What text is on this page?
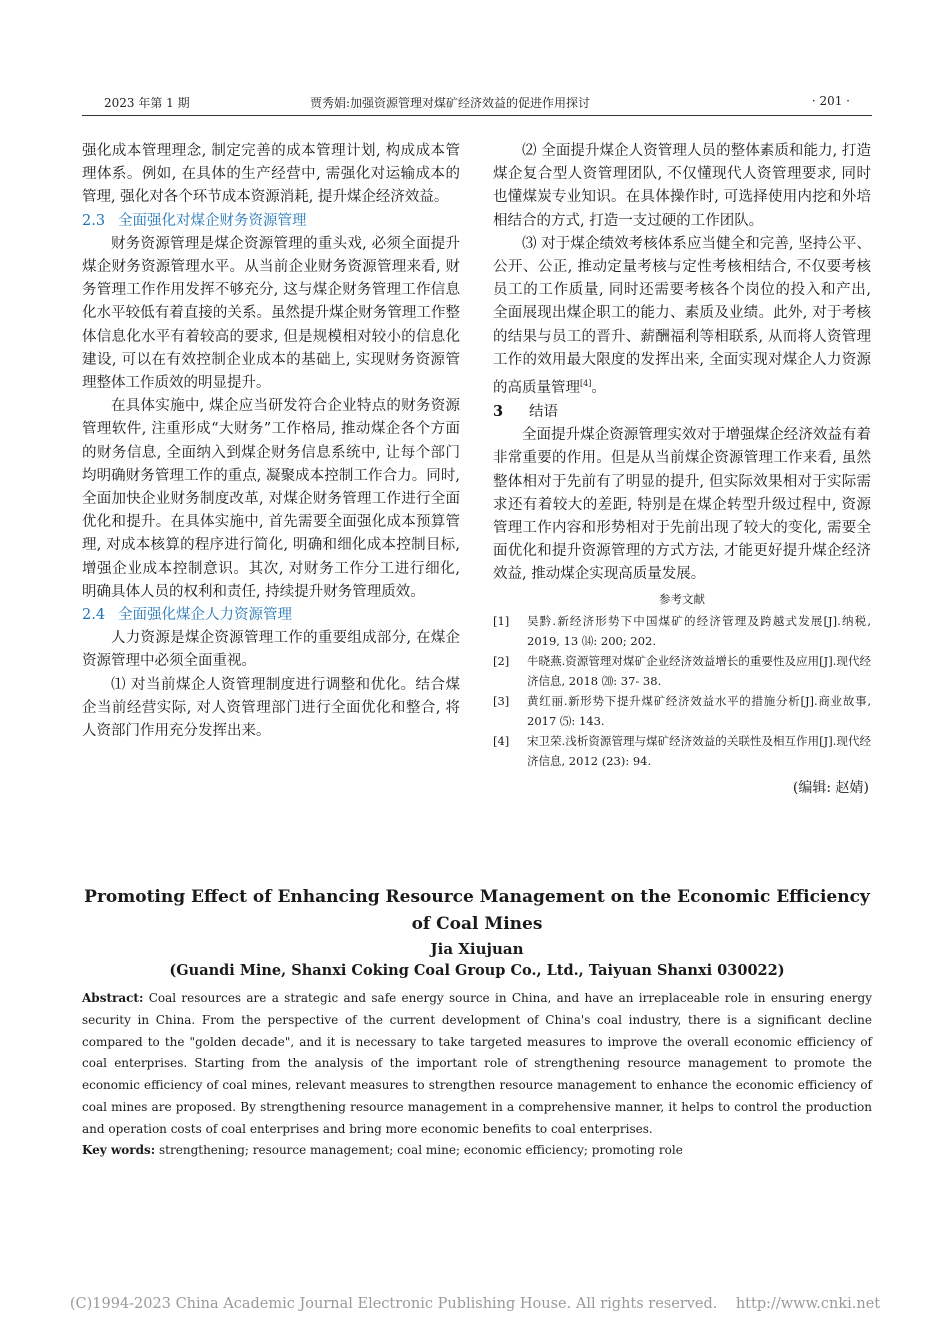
2023 年第 1 期	贾秀娟:加强资源管理对煤矿经济效益的促进作用探讨	· 201 ·

强化成本管理理念, 制定完善的成本管理计划, 构成成本管理体系。例如, 在具体的生产经营中, 需强化对运输成本的管理, 强化对各个环节成本资源消耗, 提升煤企经济效益。

2.3 全面强化对煤企财务资源管理

财务资源管理是煤企资源管理的重头戏, 必须全面提升煤企财务资源管理水平。从当前企业财务资源管理来看, 财务管理工作作用发挥不够充分, 这与煤企财务管理工作信息化水平较低有着直接的关系。虽然提升煤企财务管理工作整体信息化水平有着较高的要求, 但是规模相对较小的信息化建设, 可以在有效控制企业成本的基础上, 实现财务资源管理整体工作质效的明显提升。

在具体实施中, 煤企应当研发符合企业特点的财务资源管理软件, 注重形成“大财务”工作格局, 推动煤企各个方面的财务信息, 全面纳入到煤企财务信息系统中, 让每个部门均明确财务管理工作的重点, 凝聚成本控制工作合力。同时, 全面加快企业财务制度改革, 对煤企财务管理工作进行全面优化和提升。在具体实施中, 首先需要全面强化成本预算管理, 对成本核算的程序进行简化, 明确和细化成本控制目标, 增强企业成本控制意识。其次, 对财务工作分工进行细化, 明确具体人员的权利和责任, 持续提升财务管理质效。

2.4 全面强化煤企人力资源管理

人力资源是煤企资源管理工作的重要组成部分, 在煤企资源管理中必须全面重视。

⑴ 对当前煤企人资管理制度进行调整和优化。结合煤企当前经营实际, 对人资管理部门进行全面优化和整合, 将人资部门作用充分发挥出来。

⑵ 全面提升煤企人资管理人员的整体素质和能力, 打造煤企复合型人资管理团队, 不仅懂现代人资管理要求, 同时也懂煤炭专业知识。在具体操作时, 可选择使用内挖和外培相结合的方式, 打造一支过硬的工作团队。

⑶ 对于煤企绩效考核体系应当健全和完善, 坚持公平、公开、公正, 推动定量考核与定性考核相结合, 不仅要考核员工的工作质量, 同时还需要考核各个岗位的投入和产出, 全面展现出煤企职工的能力、素质及业绩。此外, 对于考核的结果与员工的晋升、薪酬福利等相联系, 从而将人资管理工作的效用最大限度的发挥出来, 全面实现对煤企人力资源的高质量管理[4]。

3 结语

全面提升煤企资源管理实效对于增强煤企经济效益有着非常重要的作用。但是从当前煤企资源管理工作来看, 虽然整体相对于先前有了明显的提升, 但实际效果相对于实际需求还有着较大的差距, 特别是在煤企转型升级过程中, 资源管理工作内容和形势相对于先前出现了较大的变化, 需要全面优化和提升资源管理的方式方法, 才能更好提升煤企经济效益, 推动煤企实现高质量发展。

参考文献
[1]	吴黔.新经济形势下中国煤矿的经济管理及跨越式发展[J].纳税, 2019, 13 ⒁: 200; 202.
[2]	牛晓燕.资源管理对煤矿企业经济效益增长的重要性及应用[J].现代经济信息, 2018 ⒇: 37- 38.
[3]	黄红丽.新形势下提升煤矿经济效益水平的措施分析[J].商业故事, 2017 ⑸: 143.
[4]	宋卫荣.浅析资源管理与煤矿经济效益的关联性及相互作用[J].现代经济信息, 2012 (23): 94.
(编辑: 赵婧)
Promoting Effect of Enhancing Resource Management on the Economic Efficiency of Coal Mines
Jia Xiujuan
(Guandi Mine, Shanxi Coking Coal Group Co., Ltd., Taiyuan Shanxi 030022)
Abstract: Coal resources are a strategic and safe energy source in China, and have an irreplaceable role in ensuring energy security in China. From the perspective of the current development of China's coal industry, there is a significant decline compared to the "golden decade", and it is necessary to take targeted measures to improve the overall economic efficiency of coal enterprises. Starting from the analysis of the important role of strengthening resource management to promote the economic efficiency of coal mines, relevant measures to strengthen resource management to enhance the economic efficiency of coal mines are proposed. By strengthening resource management in a comprehensive manner, it helps to control the production and operation costs of coal enterprises and bring more economic benefits to coal enterprises.
Key words: strengthening; resource management; coal mine; economic efficiency; promoting role
(C)1994-2023 China Academic Journal Electronic Publishing House. All rights reserved.    http://www.cnki.net
